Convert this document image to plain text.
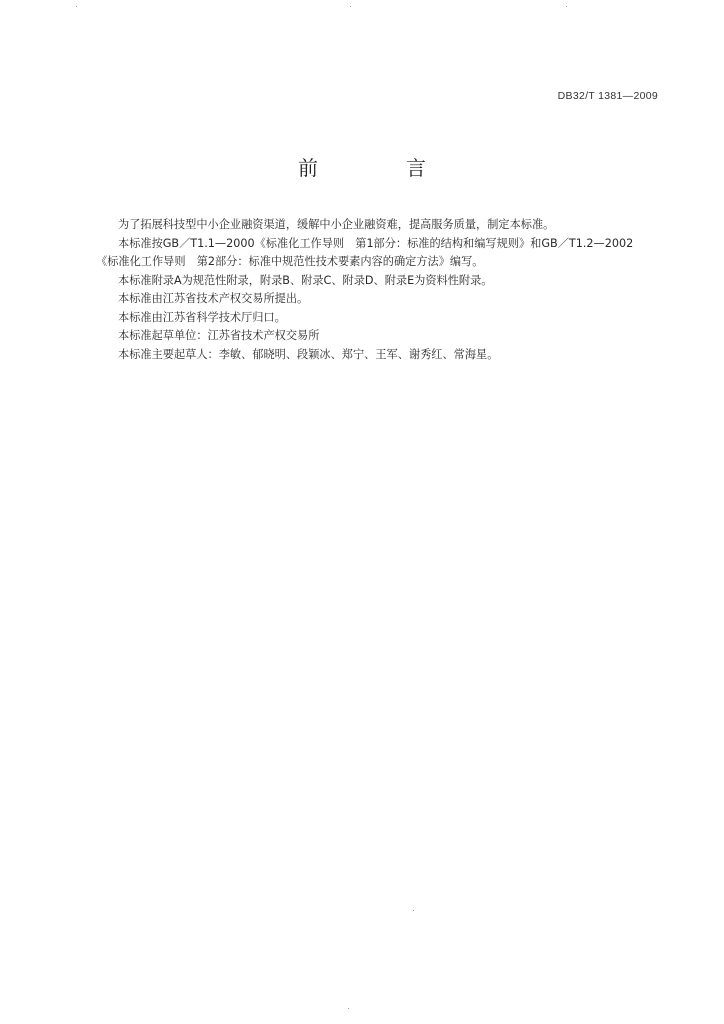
DB32/T 1381—2009
前　言

为了拓展科技型中小企业融资渠道，缓解中小企业融资难，提高服务质量，制定本标准。

本标准按GB／T1.1—2000《标准化工作导则　第1部分：标准的结构和编写规则》和GB／T1.2—2002

《标准化工作导则　第2部分：标准中规范性技术要素内容的确定方法》编写。

本标准附录A为规范性附录，附录B、附录C、附录D、附录E为资料性附录。

本标准由江苏省技术产权交易所提出。

本标准由江苏省科学技术厅归口。

本标准起草单位：江苏省技术产权交易所

本标准主要起草人：李敏、郁晓明、段颖冰、郑宁、王军、谢秀红、常海星。
